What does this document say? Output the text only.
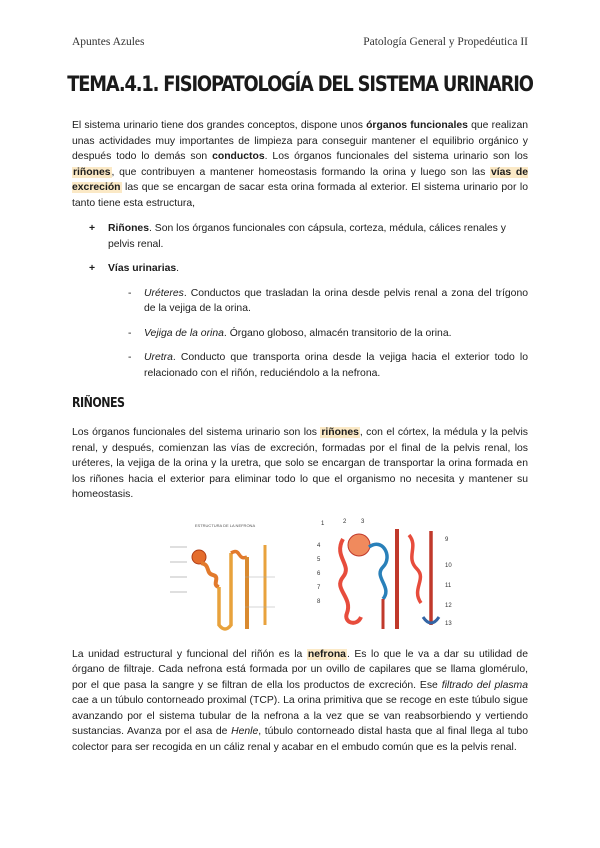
Apuntes Azules	Patología General y Propedéutica II
TEMA.4.1. FISIOPATOLOGÍA DEL SISTEMA URINARIO

El sistema urinario tiene dos grandes conceptos, dispone unos órganos funcionales que realizan unas actividades muy importantes de limpieza para conseguir mantener el equilibrio orgánico y después todo lo demás son conductos. Los órganos funcionales del sistema urinario son los riñones, que contribuyen a mantener homeostasis formando la orina y luego son las vías de excreción las que se encargan de sacar esta orina formada al exterior. El sistema urinario por lo tanto tiene esta estructura,

+ Riñones. Son los órganos funcionales con cápsula, corteza, médula, cálices renales y pelvis renal.
+ Vías urinarias.
- Uréteres. Conductos que trasladan la orina desde pelvis renal a zona del trígono de la vejiga de la orina.
- Vejiga de la orina. Órgano globoso, almacén transitorio de la orina.
- Uretra. Conducto que transporta orina desde la vejiga hacia el exterior todo lo relacionado con el riñón, reduciéndolo a la nefrona.
RIÑONES

Los órganos funcionales del sistema urinario son los riñones, con el córtex, la médula y la pelvis renal, y después, comienzan las vías de excreción, formadas por el final de la pelvis renal, los uréteres, la vejiga de la orina y la uretra, que solo se encargan de transportar la orina formada en los riñones hacia el exterior para eliminar todo lo que el organismo no necesita y mantener su homeostasis.

ESTRUCTURA DE LA NEFRONA	1	2 3
4
5
6
7
8
9
10
11
12
13

La unidad estructural y funcional del riñón es la nefrona. Es lo que le va a dar su utilidad de órgano de filtraje. Cada nefrona está formada por un ovillo de capilares que se llama glomérulo, por el que pasa la sangre y se filtran de ella los productos de excreción. Ese filtrado del plasma cae a un túbulo contorneado proximal (TCP). La orina primitiva que se recoge en este túbulo sigue avanzando por el sistema tubular de la nefrona a la vez que se van reabsorbiendo y vertiendo sustancias. Avanza por el asa de Henle, túbulo contorneado distal hasta que al final llega al tubo colector para ser recogida en un cáliz renal y acabar en el embudo común que es la pelvis renal.
